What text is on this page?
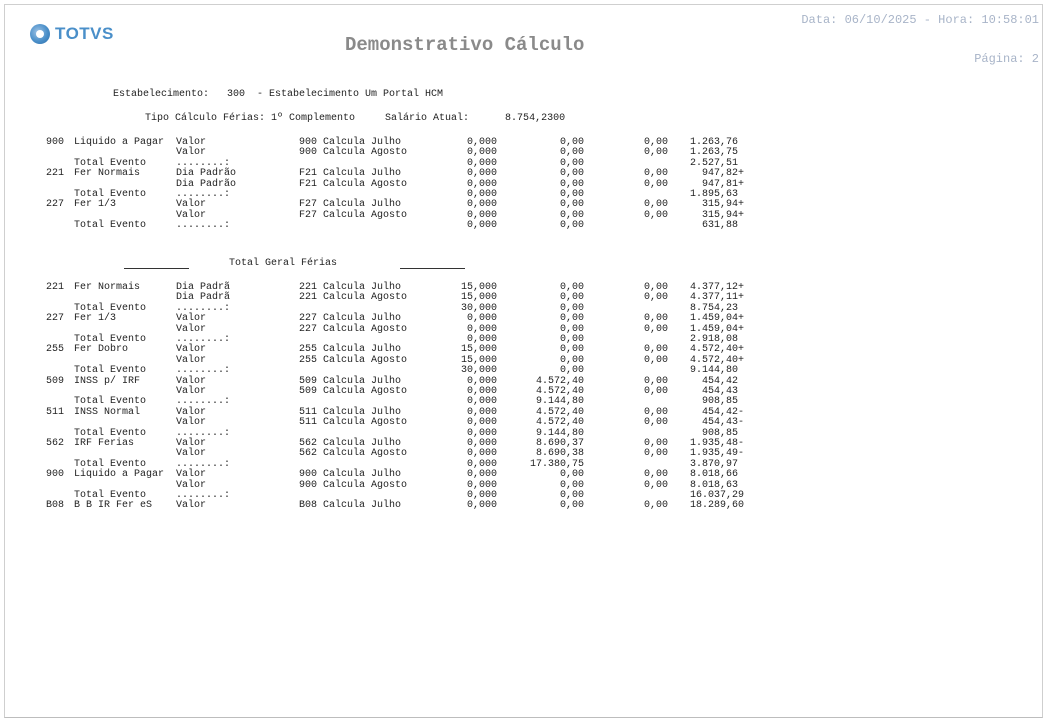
TOTVS
Demonstrativo Cálculo
Data: 06/10/2025 - Hora: 10:58:01
Página: 2
Estabelecimento:   300  - Estabelecimento Um Portal HCM
Tipo Cálculo Férias: 1º Complemento     Salário Atual:      8.754,2300
900 Liquido a Pagar Valor	900 Calcula Julho	0,000	0,00	0,00 1.263,76
Valor	900 Calcula Agosto	0,000	0,00	0,00 1.263,75
Total Evento	........:	0,000	0,00	2.527,51
221 Fer Normais	Dia Padrão	F21 Calcula Julho	0,000	0,00	0,00 947,82+
Dia Padrão	F21 Calcula Agosto	0,000	0,00	0,00 947,81+
Total Evento	........:	0,000	0,00	1.895,63
227 Fer 1/3	Valor	F27 Calcula Julho	0,000	0,00	0,00 315,94+
Valor	F27 Calcula Agosto	0,000	0,00	0,00 315,94+
Total Evento	........:	0,000	0,00	631,88
Total Geral Férias
221 Fer Normais	Dia Padrã	221 Calcula Julho	15,000	0,00	0,00 4.377,12+
Dia Padrã	221 Calcula Agosto	15,000	0,00	0,00 4.377,11+
Total Evento	........:	30,000	0,00	8.754,23
227 Fer 1/3	Valor	227 Calcula Julho	0,000	0,00	0,00 1.459,04+
Valor	227 Calcula Agosto	0,000	0,00	0,00 1.459,04+
Total Evento	........:	0,000	0,00	2.918,08
255 Fer Dobro	Valor	255 Calcula Julho	15,000	0,00	0,00 4.572,40+
Valor	255 Calcula Agosto	15,000	0,00	0,00 4.572,40+
Total Evento	........:	30,000	0,00	9.144,80
509 INSS p/ IRF	Valor	509 Calcula Julho	0,000	4.572,40	0,00 454,42
Valor	509 Calcula Agosto	0,000	4.572,40	0,00 454,43
Total Evento	........:	0,000	9.144,80	908,85
511 INSS Normal	Valor	511 Calcula Julho	0,000	4.572,40	0,00 454,42-
Valor	511 Calcula Agosto	0,000	4.572,40	0,00 454,43-
Total Evento	........:	0,000	9.144,80	908,85
562 IRF Ferias	Valor	562 Calcula Julho	0,000	8.690,37	0,00 1.935,48-
Valor	562 Calcula Agosto	0,000	8.690,38	0,00 1.935,49-
Total Evento	........:	0,000	17.380,75	3.870,97
900 Liquido a Pagar Valor	900 Calcula Julho	0,000	0,00	0,00 8.018,66
Valor	900 Calcula Agosto	0,000	0,00	0,00 8.018,63
Total Evento	........:	0,000	0,00	16.037,29
B08 B B IR Fer eS Valor	B08 Calcula Julho	0,000	0,00	0,00 18.289,60
